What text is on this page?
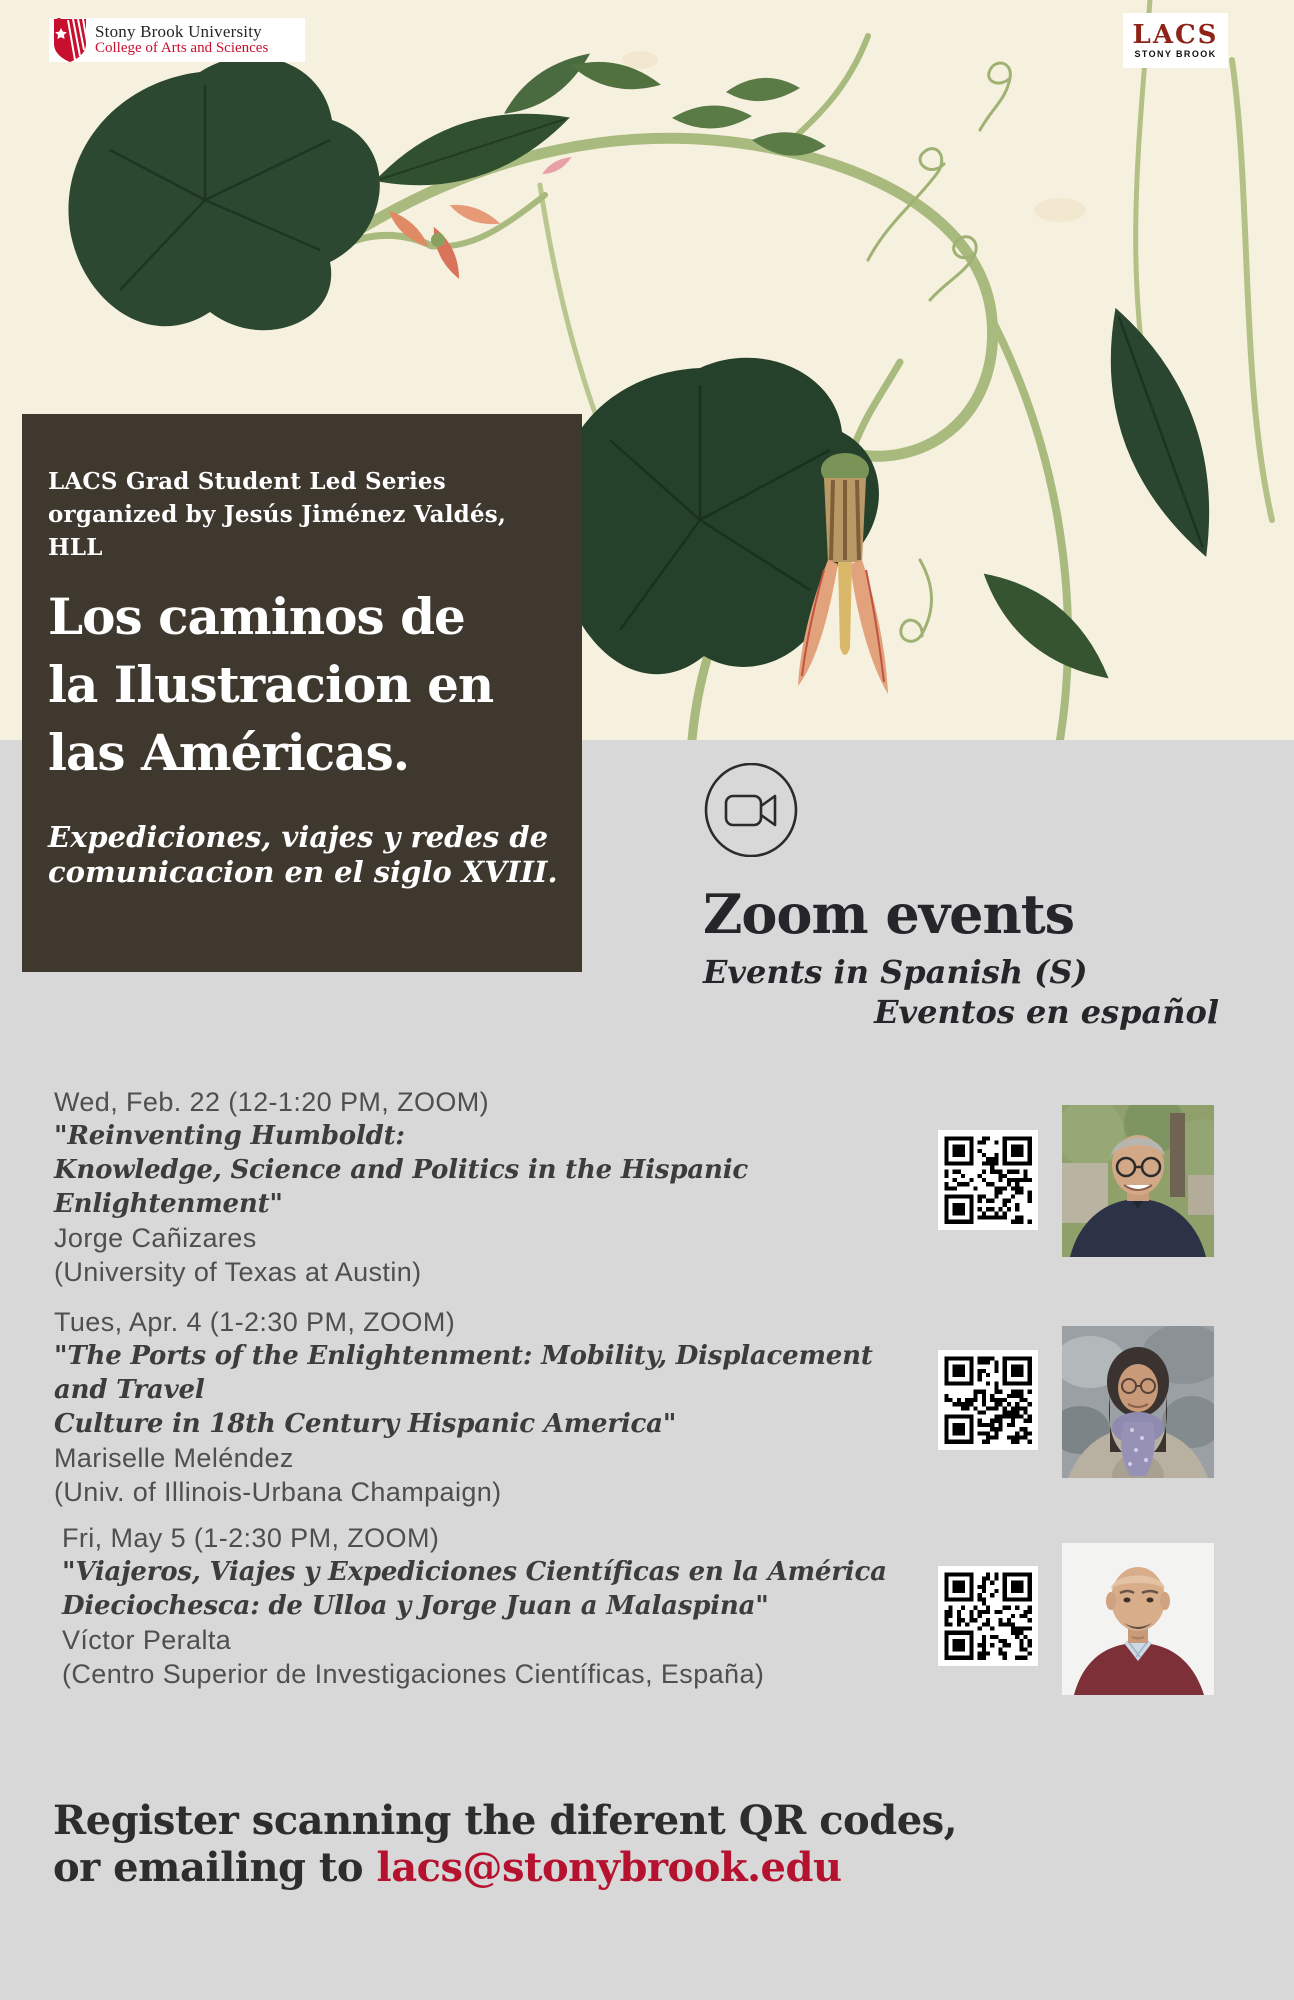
Stony Brook University
College of Arts and Sciences	LACS
STONY BROOK
LACS Grad Student Led Series
organized by Jesús Jiménez Valdés, HLL
Los caminos de
la Ilustracion en
las Américas.
Expediciones, viajes y redes de
comunicacion en el siglo XVIII.
Zoom events
Events in Spanish (S)
Eventos en español
Wed, Feb. 22 (12-1:20 PM, ZOOM)
"Reinventing Humboldt:
Knowledge, Science and Politics in the Hispanic Enlightenment"
Jorge Cañizares
(University of Texas at Austin)
Tues, Apr. 4 (1-2:30 PM, ZOOM)
"The Ports of the Enlightenment: Mobility, Displacement and Travel
Culture in 18th Century Hispanic America"
Mariselle Meléndez
(Univ. of Illinois-Urbana Champaign)
Fri, May 5 (1-2:30 PM, ZOOM)
"Viajeros, Viajes y Expediciones Científicas en la América
Dieciochesca: de Ulloa y Jorge Juan a Malaspina"
Víctor Peralta
(Centro Superior de Investigaciones Científicas, España)
Register scanning the diferent QR codes,
or emailing to lacs@stonybrook.edu
